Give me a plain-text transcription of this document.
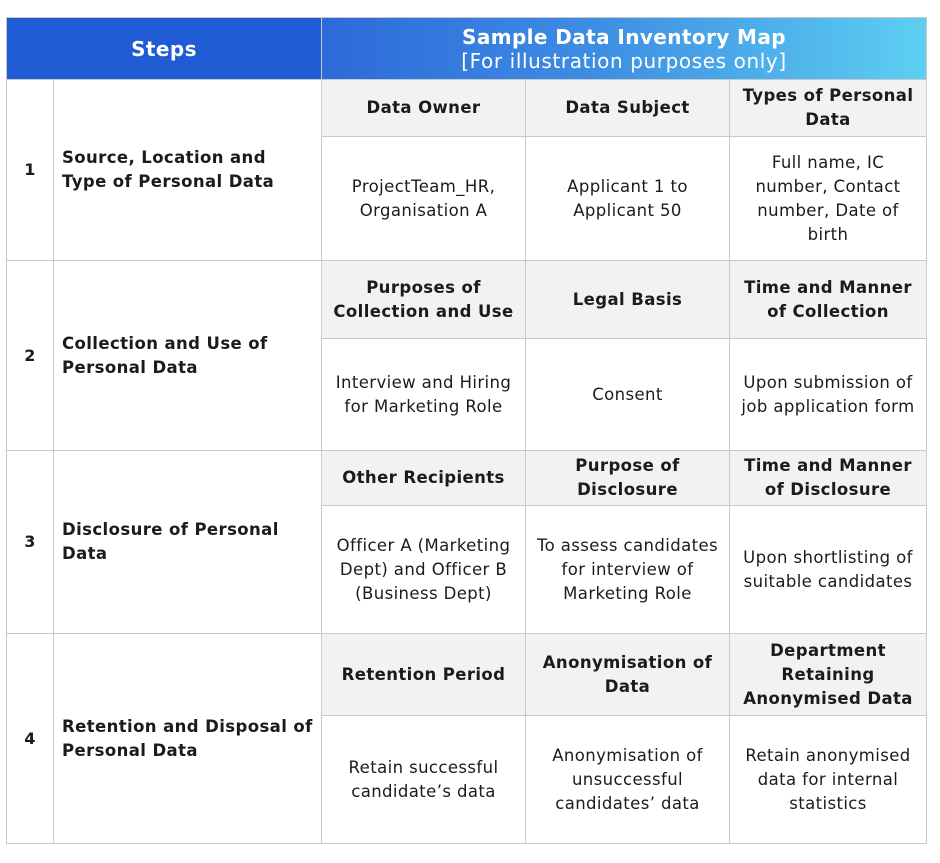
Steps	Sample Data Inventory Map
[For illustration purposes only]
1
Source, Location and Type of Personal Data
Data Owner	Data Subject
Types of Personal Data
ProjectTeam_HR, Organisation A
Applicant 1 to Applicant 50
Full name, IC number, Contact number, Date of birth
2
Collection and Use of Personal Data
Purposes of Collection and Use
Legal Basis
Time and Manner of Collection
Interview and Hiring for Marketing Role
Consent
Upon submission of job application form
3
Disclosure of Personal Data
Other Recipients
Purpose of Disclosure
Time and Manner of Disclosure
Officer A (Marketing Dept) and Officer B (Business Dept)
To assess candidates for interview of Marketing Role
Upon shortlisting of suitable candidates
4
Retention and Disposal of Personal Data
Retention Period
Anonymisation of Data
Department Retaining Anonymised Data
Retain successful candidate’s data
Anonymisation of unsuccessful candidates’ data
Retain anonymised data for internal statistics
